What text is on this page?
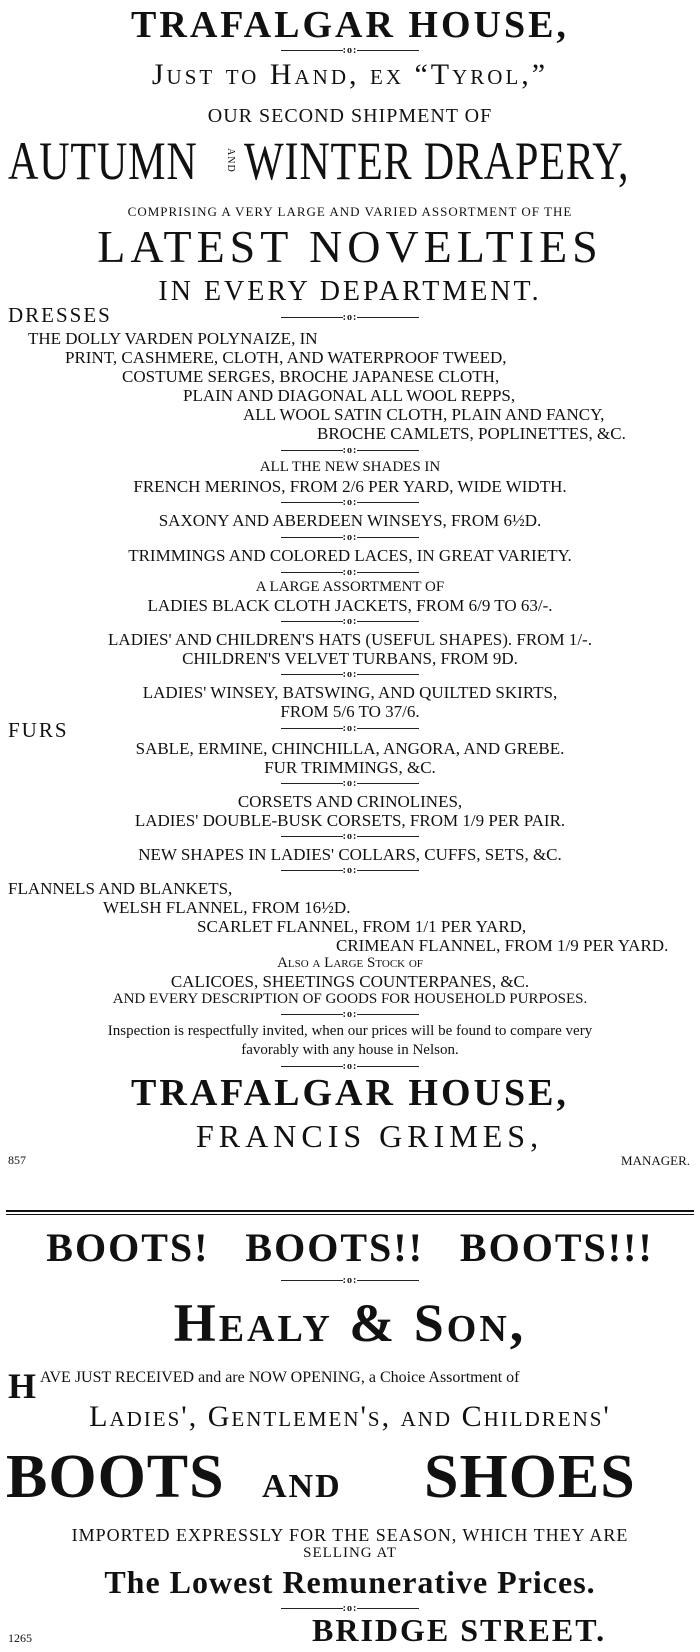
TRAFALGAR HOUSE,
:o:
Just to Hand, ex “Tyrol,”
OUR SECOND SHIPMENT OF
AUTUMN	AND WINTER DRAPERY,
COMPRISING A VERY LARGE AND VARIED ASSORTMENT OF THE
LATEST NOVELTIES
IN EVERY DEPARTMENT.
DRESSES	:o:
THE DOLLY VARDEN POLYNAIZE, IN
PRINT, CASHMERE, CLOTH, AND WATERPROOF TWEED,
COSTUME SERGES, BROCHE JAPANESE CLOTH,
PLAIN AND DIAGONAL ALL WOOL REPPS,
ALL WOOL SATIN CLOTH, PLAIN AND FANCY,
BROCHE CAMLETS, POPLINETTES, &C.
:o:
ALL THE NEW SHADES IN
FRENCH MERINOS, FROM 2/6 PER YARD, WIDE WIDTH.
:o:
SAXONY AND ABERDEEN WINSEYS, FROM 6½D.
:o:
TRIMMINGS AND COLORED LACES, IN GREAT VARIETY.
:o:
A LARGE ASSORTMENT OF
LADIES BLACK CLOTH JACKETS, FROM 6/9 TO 63/-.
:o:
LADIES' AND CHILDREN'S HATS (USEFUL SHAPES). FROM 1/-.
CHILDREN'S VELVET TURBANS, FROM 9D.
:o:
LADIES' WINSEY, BATSWING, AND QUILTED SKIRTS,
FROM 5/6 TO 37/6.
FURS	:o:
SABLE, ERMINE, CHINCHILLA, ANGORA, AND GREBE.
FUR TRIMMINGS, &C.
:o:
CORSETS AND CRINOLINES,
LADIES' DOUBLE-BUSK CORSETS, FROM 1/9 PER PAIR.
:o:
NEW SHAPES IN LADIES' COLLARS, CUFFS, SETS, &C.
:o:
FLANNELS AND BLANKETS,
WELSH FLANNEL, FROM 16½D.
SCARLET FLANNEL, FROM 1/1 PER YARD,
CRIMEAN FLANNEL, FROM 1/9 PER YARD.
Also a Large Stock of
CALICOES, SHEETINGS COUNTERPANES, &C.
AND EVERY DESCRIPTION OF GOODS FOR HOUSEHOLD PURPOSES.
:o:
Inspection is respectfully invited, when our prices will be found to compare very
favorably with any house in Nelson.
:o:
TRAFALGAR HOUSE,
FRANCIS GRIMES,
857	MANAGER.
BOOTS!   BOOTS!!   BOOTS!!!
:o:
Healy & Son,
H AVE JUST RECEIVED and are NOW OPENING, a Choice Assortment of
Ladies', Gentlemen's, and Childrens'
BOOTS AND SHOES
IMPORTED EXPRESSLY FOR THE SEASON, WHICH THEY ARE
SELLING AT
The Lowest Remunerative Prices.
:o:
BRIDGE STREET.
1265
